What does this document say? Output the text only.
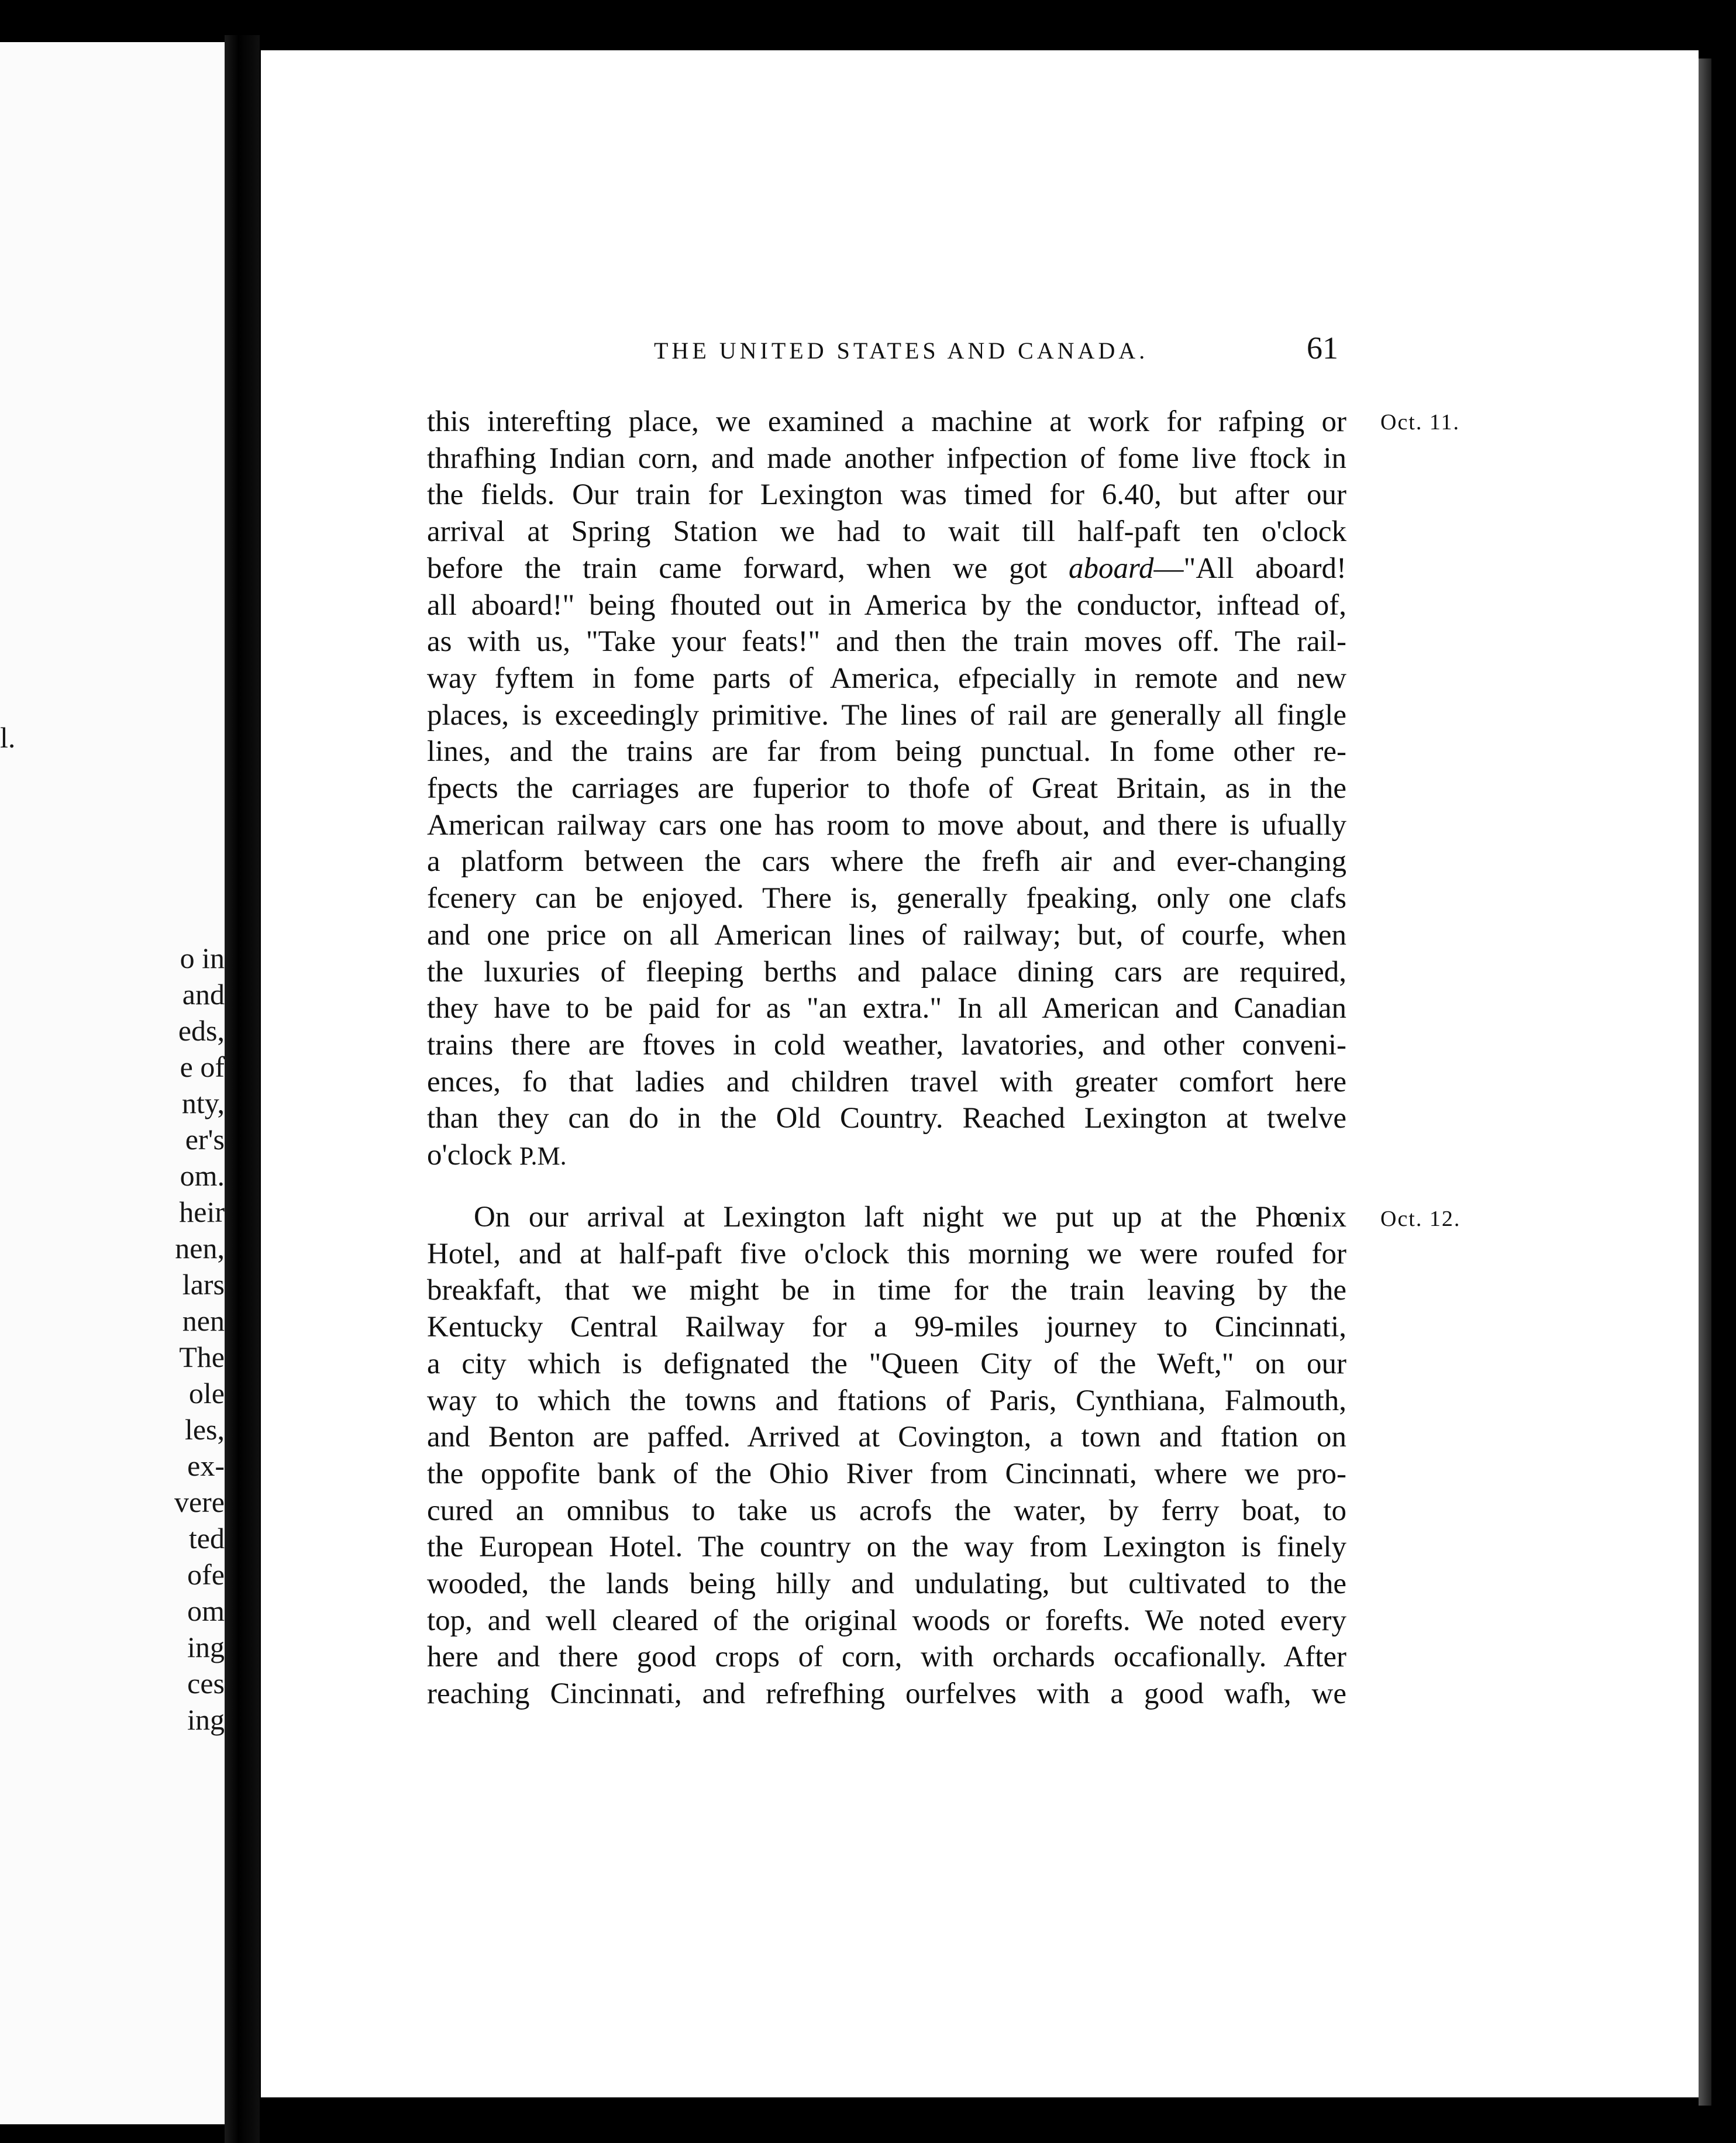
l.
o in
and
eds,
e of
nty,
er's
om.
heir
nen,
lars
nen
The
ole
les,
ex-
vere
ted
ofe
om
ing
ces
ing
THE UNITED STATES AND CANADA.	61
Oct. 11.
Oct. 12.
this interefting place, we examined a machine at work for rafping or
thrafhing Indian corn, and made another infpection of fome live ftock in
the fields. Our train for Lexington was timed for 6.40, but after our
arrival at Spring Station we had to wait till half-paft ten o'clock
before the train came forward, when we got aboard—"All aboard!
all aboard!" being fhouted out in America by the conductor, inftead of,
as with us, "Take your feats!" and then the train moves off. The rail-
way fyftem in fome parts of America, efpecially in remote and new
places, is exceedingly primitive. The lines of rail are generally all fingle
lines, and the trains are far from being punctual. In fome other re-
fpects the carriages are fuperior to thofe of Great Britain, as in the
American railway cars one has room to move about, and there is ufually
a platform between the cars where the frefh air and ever-changing
fcenery can be enjoyed. There is, generally fpeaking, only one clafs
and one price on all American lines of railway; but, of courfe, when
the luxuries of fleeping berths and palace dining cars are required,
they have to be paid for as "an extra." In all American and Canadian
trains there are ftoves in cold weather, lavatories, and other conveni-
ences, fo that ladies and children travel with greater comfort here
than they can do in the Old Country. Reached Lexington at twelve
o'clock P.M.
On our arrival at Lexington laft night we put up at the Phœnix
Hotel, and at half-paft five o'clock this morning we were roufed for
breakfaft, that we might be in time for the train leaving by the
Kentucky Central Railway for a 99-miles journey to Cincinnati,
a city which is defignated the "Queen City of the Weft," on our
way to which the towns and ftations of Paris, Cynthiana, Falmouth,
and Benton are paffed. Arrived at Covington, a town and ftation on
the oppofite bank of the Ohio River from Cincinnati, where we pro-
cured an omnibus to take us acrofs the water, by ferry boat, to
the European Hotel. The country on the way from Lexington is finely
wooded, the lands being hilly and undulating, but cultivated to the
top, and well cleared of the original woods or forefts. We noted every
here and there good crops of corn, with orchards occafionally. After
reaching Cincinnati, and refrefhing ourfelves with a good wafh, we
